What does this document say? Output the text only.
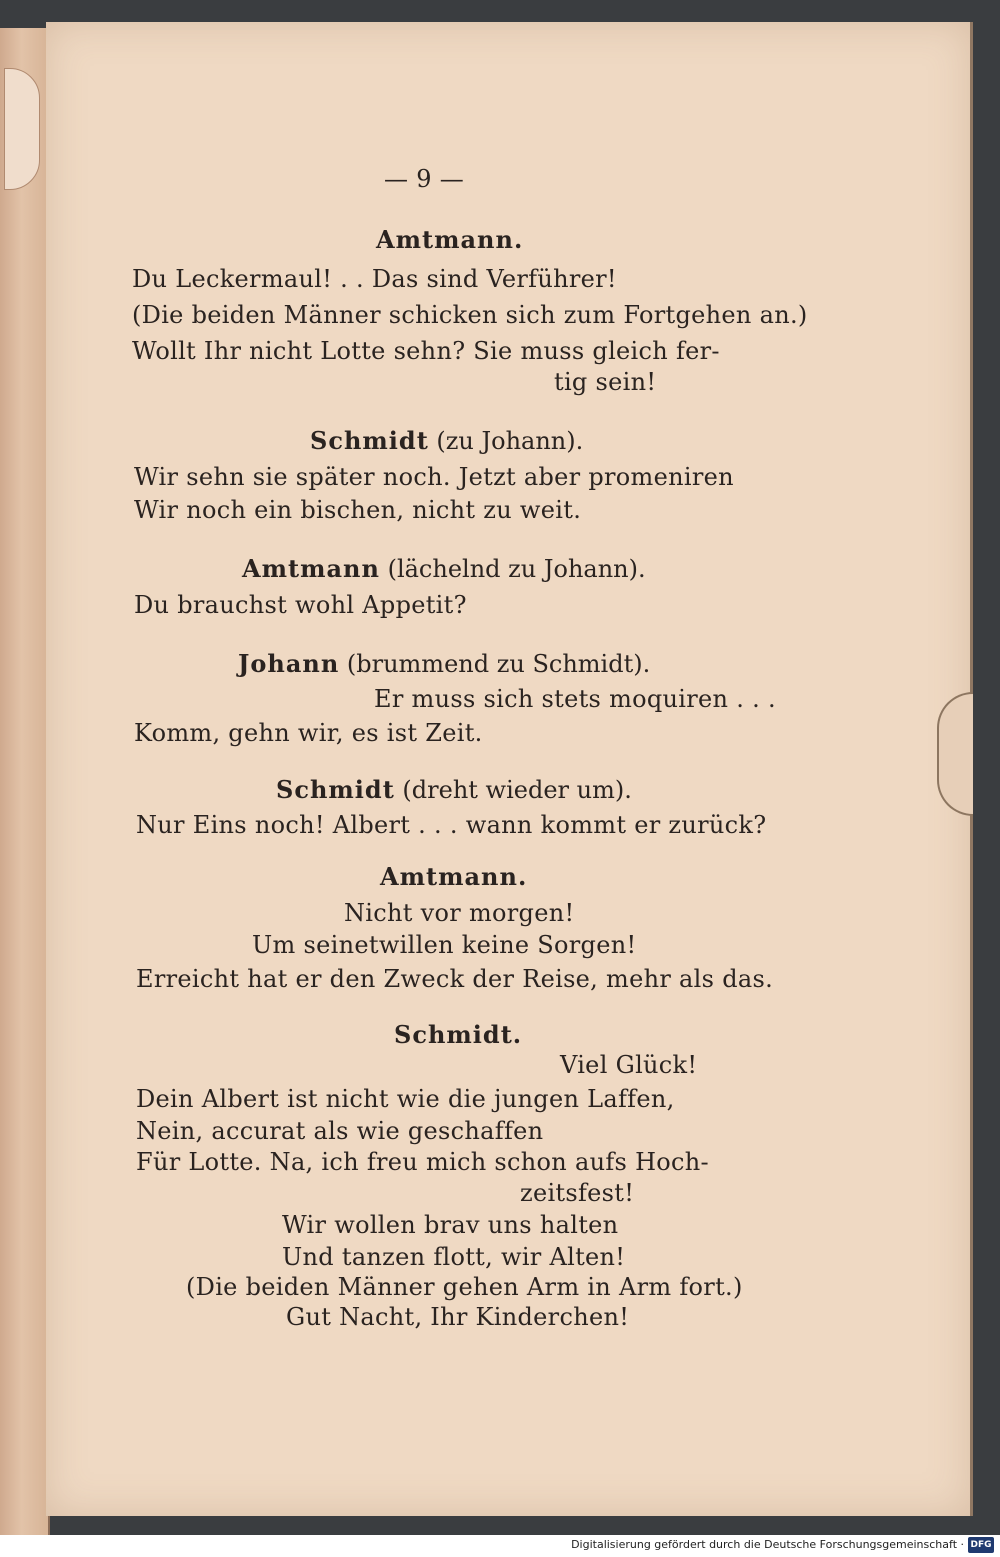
— 9 —
Amtmann.
Du Leckermaul! . . Das sind Verführer!
(Die beiden Männer schicken sich zum Fortgehen an.)
Wollt Ihr nicht Lotte sehn? Sie muss gleich fer-
tig sein!
Schmidt (zu Johann).
Wir sehn sie später noch. Jetzt aber promeniren
Wir noch ein bischen, nicht zu weit.
Amtmann (lächelnd zu Johann).
Du brauchst wohl Appetit?
Johann (brummend zu Schmidt).
Er muss sich stets moquiren . . .
Komm, gehn wir, es ist Zeit.
Schmidt (dreht wieder um).
Nur Eins noch! Albert . . . wann kommt er zurück?
Amtmann.
Nicht vor morgen!
Um seinetwillen keine Sorgen!
Erreicht hat er den Zweck der Reise, mehr als das.
Schmidt.
Viel Glück!
Dein Albert ist nicht wie die jungen Laffen,
Nein, accurat als wie geschaffen
Für Lotte. Na, ich freu mich schon aufs Hoch-
zeitsfest!
Wir wollen brav uns halten
Und tanzen flott, wir Alten!
(Die beiden Männer gehen Arm in Arm fort.)
Gut Nacht, Ihr Kinderchen!
Digitalisierung gefördert durch die Deutsche Forschungsgemeinschaft · DFG
